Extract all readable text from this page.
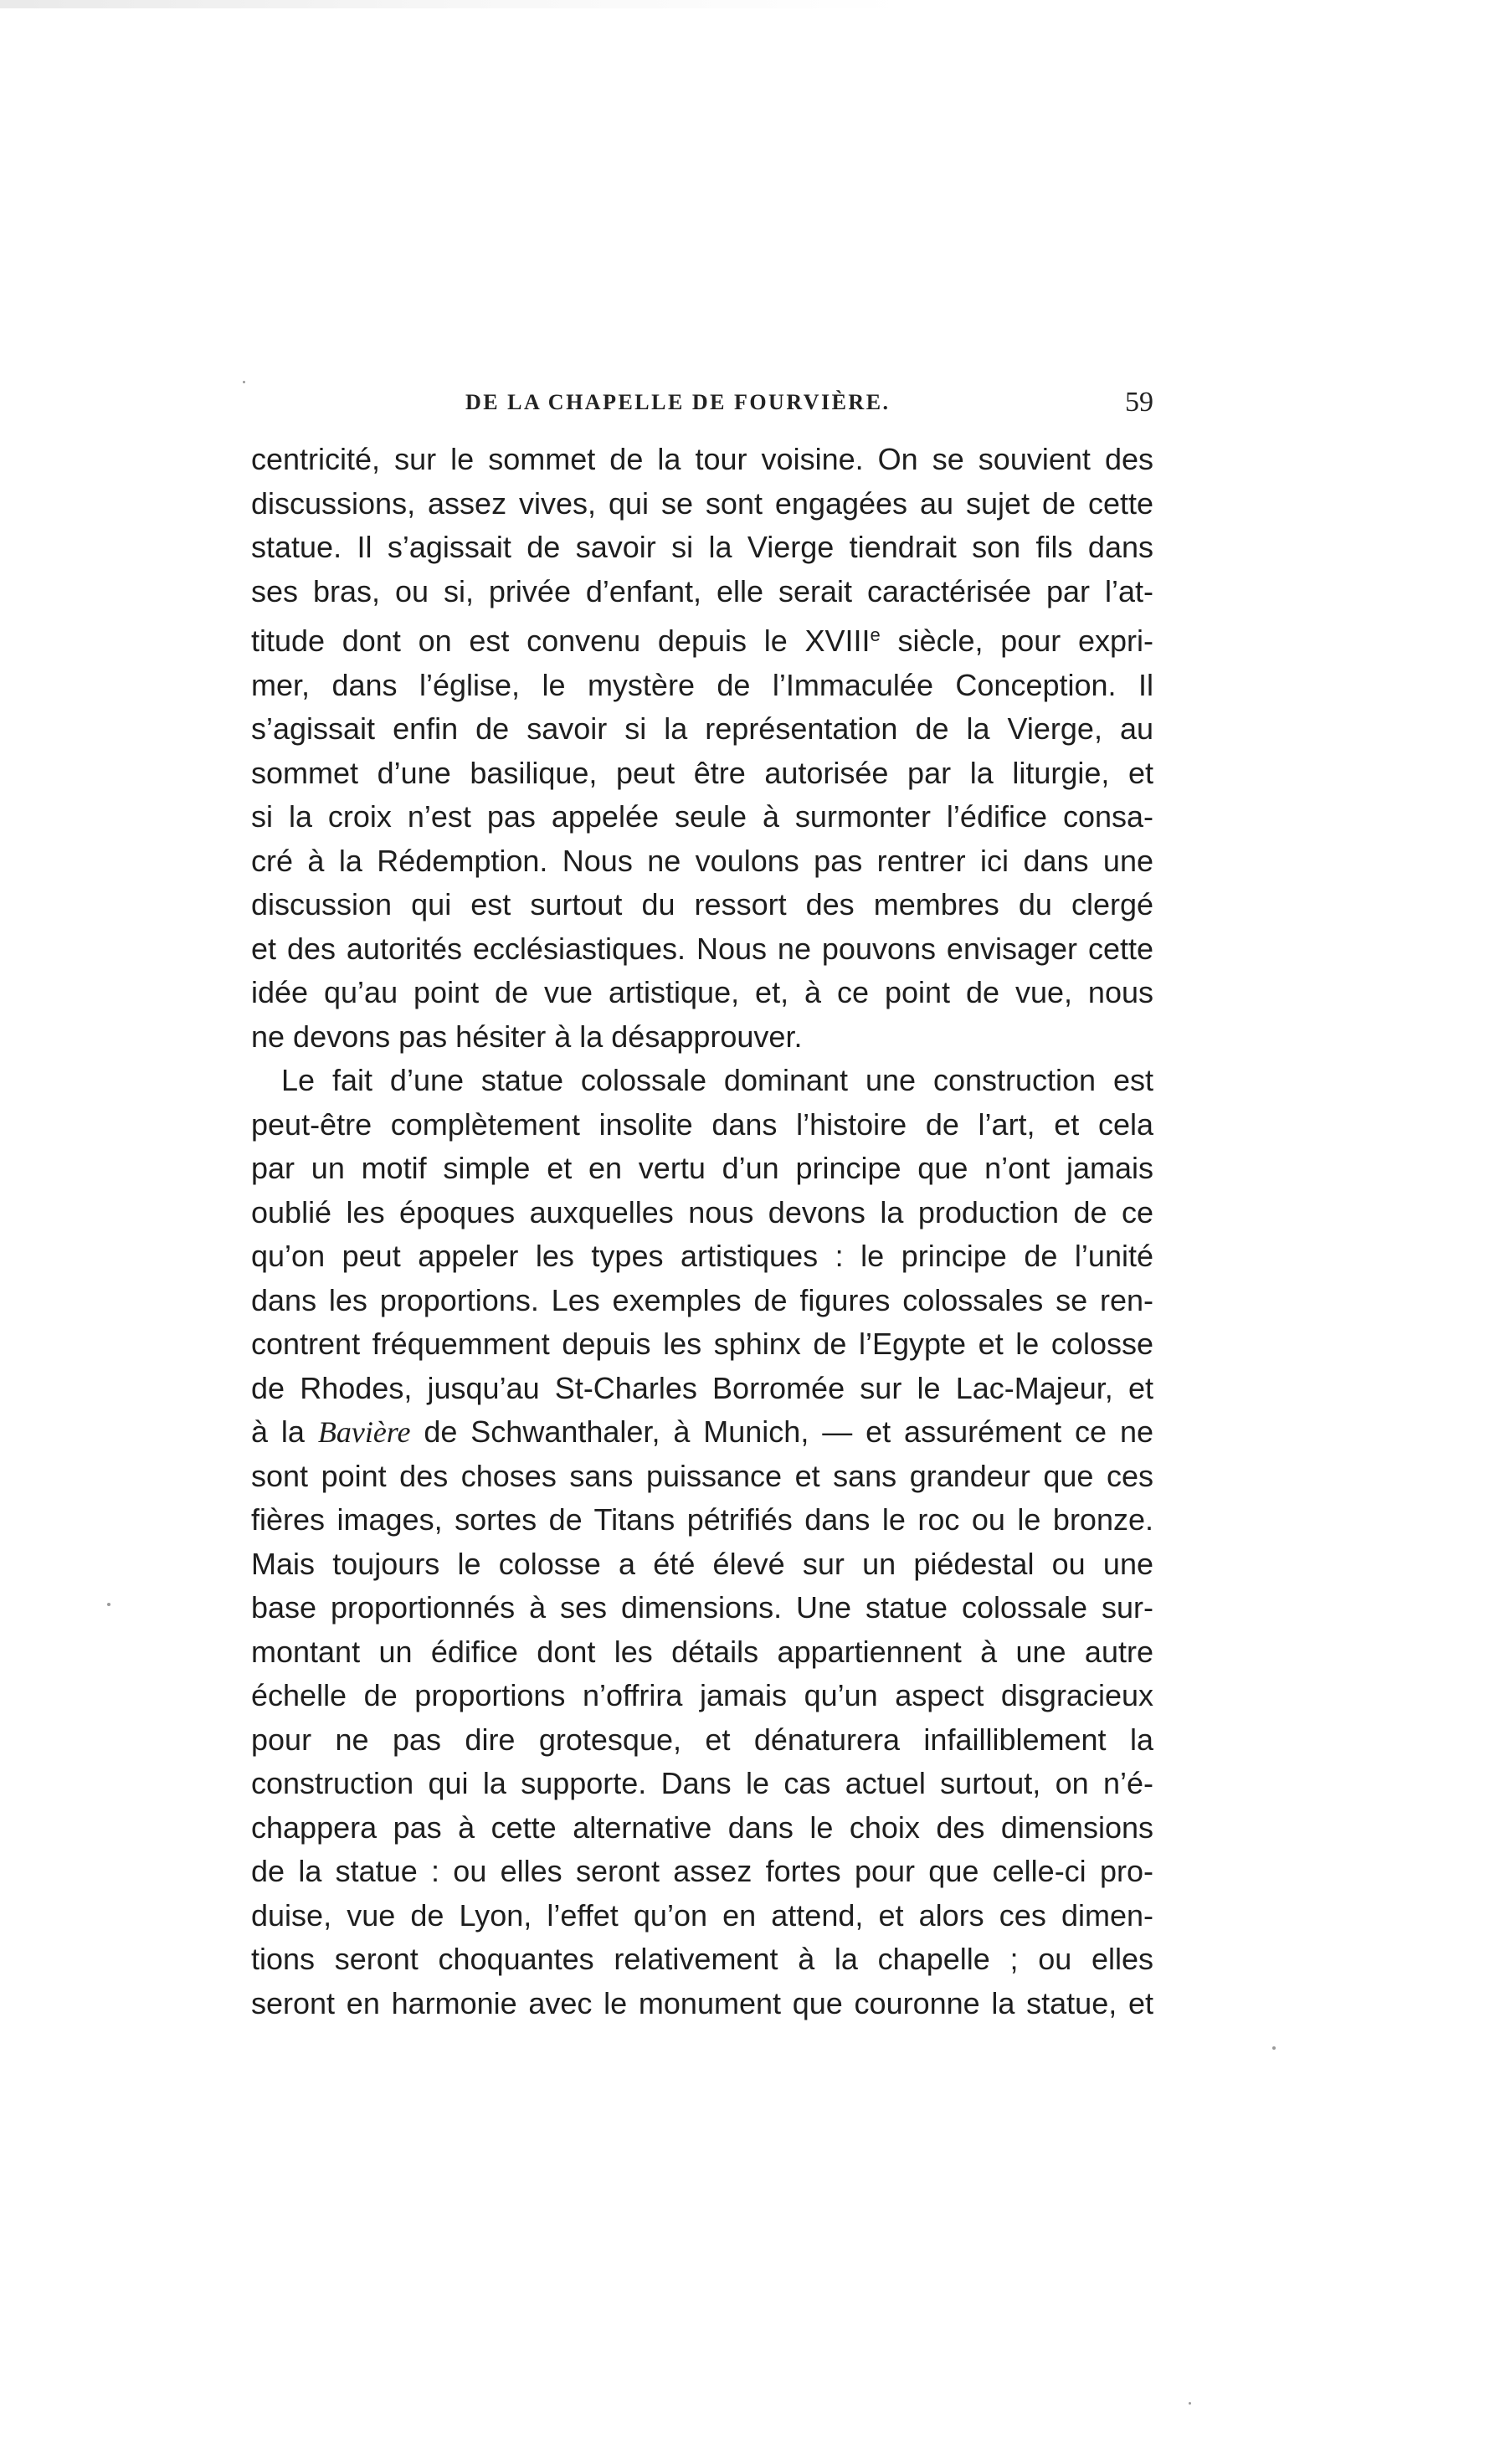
DE LA CHAPELLE DE FOURVIÈRE.	59

centricité, sur le sommet de la tour voisine. On se souvient des

discussions, assez vives, qui se sont engagées au sujet de cette

statue. Il s’agissait de savoir si la Vierge tiendrait son fils dans

ses bras, ou si, privée d’enfant, elle serait caractérisée par l’at-

titude dont on est convenu depuis le XVIIIe siècle, pour expri-

mer, dans l’église, le mystère de l’Immaculée Conception. Il

s’agissait enfin de savoir si la représentation de la Vierge, au

sommet d’une basilique, peut être autorisée par la liturgie, et

si la croix n’est pas appelée seule à surmonter l’édifice consa-

cré à la Rédemption. Nous ne voulons pas rentrer ici dans une

discussion qui est surtout du ressort des membres du clergé

et des autorités ecclésiastiques. Nous ne pouvons envisager cette

idée qu’au point de vue artistique, et, à ce point de vue, nous

ne devons pas hésiter à la désapprouver.

Le fait d’une statue colossale dominant une construction est

peut-être complètement insolite dans l’histoire de l’art, et cela

par un motif simple et en vertu d’un principe que n’ont jamais

oublié les époques auxquelles nous devons la production de ce

qu’on peut appeler les types artistiques : le principe de l’unité

dans les proportions. Les exemples de figures colossales se ren-

contrent fréquemment depuis les sphinx de l’Egypte et le colosse

de Rhodes, jusqu’au St-Charles Borromée sur le Lac-Majeur, et

à la Bavière de Schwanthaler, à Munich, — et assurément ce ne

sont point des choses sans puissance et sans grandeur que ces

fières images, sortes de Titans pétrifiés dans le roc ou le bronze.

Mais toujours le colosse a été élevé sur un piédestal ou une

base proportionnés à ses dimensions. Une statue colossale sur-

montant un édifice dont les détails appartiennent à une autre

échelle de proportions n’offrira jamais qu’un aspect disgracieux

pour ne pas dire grotesque, et dénaturera infailliblement la

construction qui la supporte. Dans le cas actuel surtout, on n’é-

chappera pas à cette alternative dans le choix des dimensions

de la statue : ou elles seront assez fortes pour que celle-ci pro-

duise, vue de Lyon, l’effet qu’on en attend, et alors ces dimen-

tions seront choquantes relativement à la chapelle ; ou elles

seront en harmonie avec le monument que couronne la statue, et
